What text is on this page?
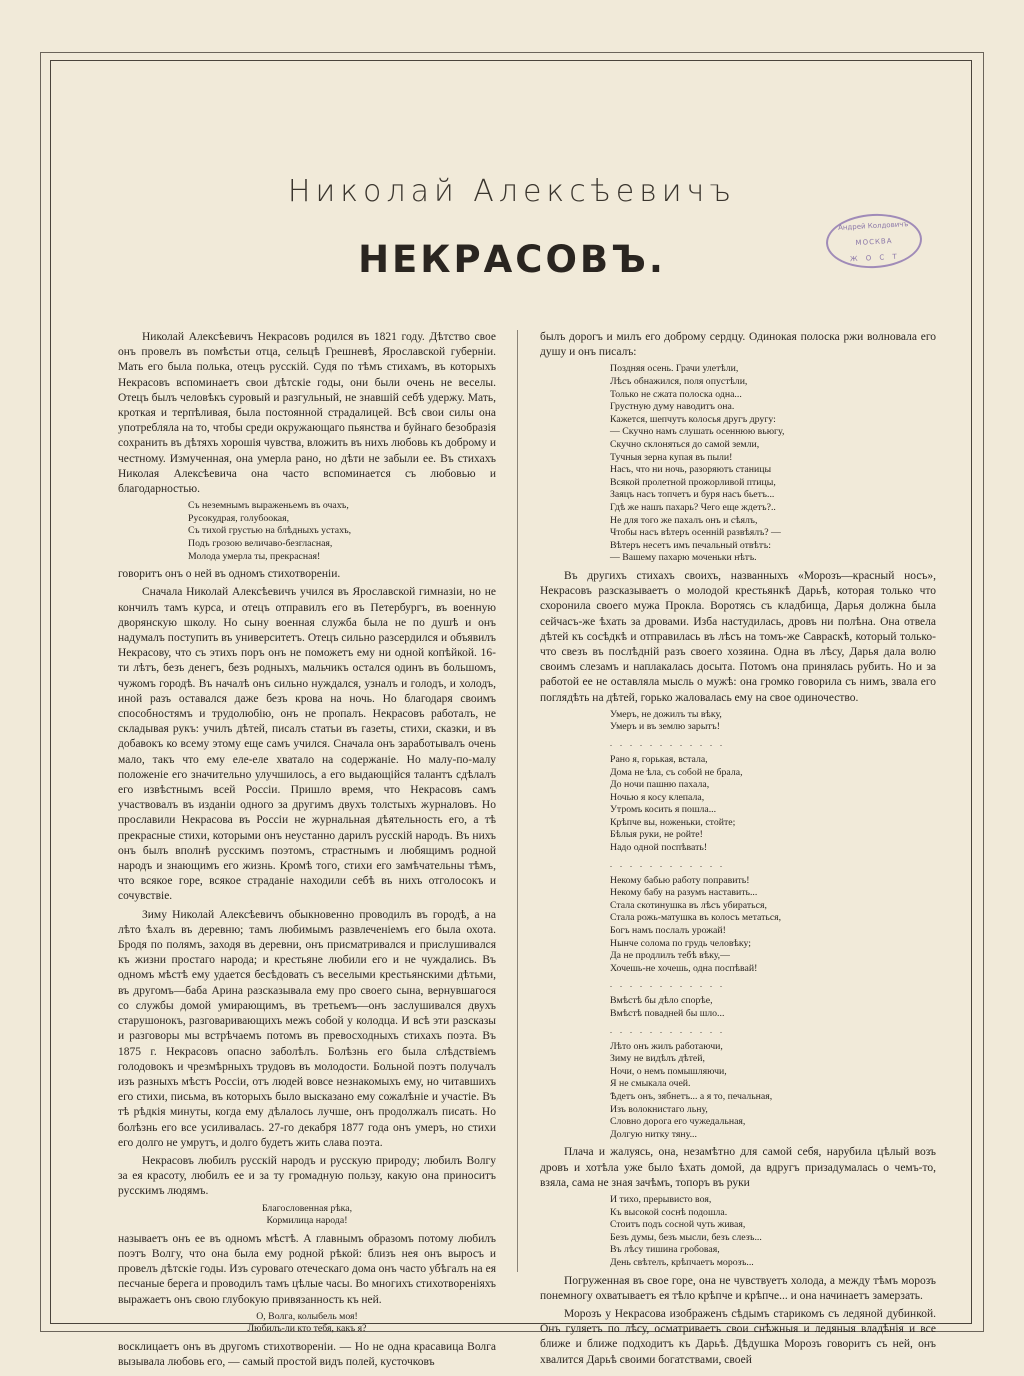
Николай Алексѣевичъ
НЕКРАСОВЪ.
Андрей Колдовичъ
МОСКВА
Ж О С Т

Николай Алексѣевичъ Некрасовъ родился въ 1821 году. Дѣтство свое онъ провелъ въ помѣстьи отца, сельцѣ Грешневѣ, Ярославской губерніи. Мать его была полька, отецъ русскій. Судя по тѣмъ стихамъ, въ которыхъ Некрасовъ вспоминаетъ свои дѣтскіе годы, они были очень не веселы. Отецъ былъ человѣкъ суровый и разгульный, не знавшій себѣ удержу. Мать, кроткая и терпѣливая, была постоянной страдалицей. Всѣ свои силы она употребляла на то, чтобы среди окружающаго пьянства и буйнаго безобразія сохранить въ дѣтяхъ хорошія чувства, вложить въ нихъ любовь къ доброму и честному. Измученная, она умерла рано, но дѣти не забыли ее. Въ стихахъ Николая Алексѣевича она часто вспоминается съ любовью и благодарностью.

Съ неземнымъ выраженьемъ въ очахъ,
Русокудрая, голубоокая,
Съ тихой грустью на блѣдныхъ устахъ,
Подъ грозою величаво-безгласная,
Молода умерла ты, прекрасная!

говоритъ онъ о ней въ одномъ стихотвореніи.

Сначала Николай Алексѣевичъ учился въ Ярославской гимназіи, но не кончилъ тамъ курса, и отецъ отправилъ его въ Петербургъ, въ военную дворянскую школу. Но сыну военная служба была не по душѣ и онъ надумалъ поступить въ университетъ. Отецъ сильно разсердился и объявилъ Некрасову, что съ этихъ поръ онъ не поможетъ ему ни одной копѣйкой. 16-ти лѣтъ, безъ денегъ, безъ родныхъ, мальчикъ остался одинъ въ большомъ, чужомъ городѣ. Въ началѣ онъ сильно нуждался, узналъ и голодъ, и холодъ, иной разъ оставался даже безъ крова на ночь. Но благодаря своимъ способностямъ и трудолюбію, онъ не пропалъ. Некрасовъ работалъ, не складывая рукъ: училъ дѣтей, писалъ статьи въ газеты, стихи, сказки, и въ добавокъ ко всему этому еще самъ учился. Сначала онъ заработывалъ очень мало, такъ что ему еле-еле хватало на содержаніе. Но малу-по-малу положеніе его значительно улучшилось, а его выдающійся талантъ сдѣлалъ его извѣстнымъ всей Россіи. Пришло время, что Некрасовъ самъ участвовалъ въ изданіи одного за другимъ двухъ толстыхъ журналовъ. Но прославили Некрасова въ Россіи не журнальная дѣятельность его, а тѣ прекрасные стихи, которыми онъ неустанно дарилъ русскій народъ. Въ нихъ онъ былъ вполнѣ русскимъ поэтомъ, страстнымъ и любящимъ родной народъ и знающимъ его жизнь. Кромѣ того, стихи его замѣчательны тѣмъ, что всякое горе, всякое страданіе находили себѣ въ нихъ отголосокъ и сочувствіе.

Зиму Николай Алексѣевичъ обыкновенно проводилъ въ городѣ, а на лѣто ѣхалъ въ деревню; тамъ любимымъ развлеченіемъ его была охота. Бродя по полямъ, заходя въ деревни, онъ присматривался и прислушивался къ жизни простаго народа; и крестьяне любили его и не чуждались. Въ одномъ мѣстѣ ему удается бесѣдовать съ веселыми крестьянскими дѣтьми, въ другомъ—баба Арина разсказывала ему про своего сына, вернувшагося со службы домой умирающимъ, въ третьемъ—онъ заслушивался двухъ старушонокъ, разговаривающихъ межъ собой у колодца. И всѣ эти разсказы и разговоры мы встрѣчаемъ потомъ въ превосходныхъ стихахъ поэта. Въ 1875 г. Некрасовъ опасно заболѣлъ. Болѣзнь его была слѣдствіемъ голодовокъ и чрезмѣрныхъ трудовъ въ молодости. Больной поэтъ получалъ изъ разныхъ мѣстъ Россіи, отъ людей вовсе незнакомыхъ ему, но читавшихъ его стихи, письма, въ которыхъ было высказано ему сожалѣніе и участіе. Въ тѣ рѣдкія минуты, когда ему дѣлалось лучше, онъ продолжалъ писать. Но болѣзнь его все усиливалась. 27-го декабря 1877 года онъ умеръ, но стихи его долго не умрутъ, и долго будетъ жить слава поэта.

Некрасовъ любилъ русскій народъ и русскую природу; любилъ Волгу за ея красоту, любилъ ее и за ту громадную пользу, какую она приноситъ русскимъ людямъ.

Благословенная рѣка,
Кормилица народа!

называетъ онъ ее въ одномъ мѣстѣ. А главнымъ образомъ потому любилъ поэтъ Волгу, что она была ему родной рѣкой: близъ нея онъ выросъ и провелъ дѣтскіе годы. Изъ суроваго отеческаго дома онъ часто убѣгалъ на ея песчаные берега и проводилъ тамъ цѣлые часы. Во многихъ стихотвореніяхъ выражаетъ онъ свою глубокую привязанность къ ней.

О, Волга, колыбель моя!
Любилъ-ли кто тебя, какъ я?

восклицаетъ онъ въ другомъ стихотвореніи. — Но не одна красавица Волга вызывала любовь его, — самый простой видъ полей, кусточковъ

былъ дорогъ и милъ его доброму сердцу. Одинокая полоска ржи волновала его душу и онъ писалъ:

Поздняя осень. Грачи улетѣли,
Лѣсъ обнажился, поля опустѣли,
Только не сжата полоска одна...
Грустную думу наводитъ она.
Кажется, шепчутъ колосья другъ другу:
— Скучно намъ слушать осеннюю вьюгу,
Скучно склоняться до самой земли,
Тучныя зерна купая въ пыли!
Насъ, что ни ночь, разоряютъ станицы
Всякой пролетной прожорливой птицы,
Заяцъ насъ топчетъ и буря насъ бьетъ...
Гдѣ же нашъ пахарь? Чего еще ждетъ?..
Не для того же пахалъ онъ и сѣялъ,
Чтобы насъ вѣтеръ осенній развѣялъ? —
Вѣтеръ несетъ имъ печальный отвѣтъ:
— Вашему пахарю моченьки нѣтъ.

Въ другихъ стихахъ своихъ, названныхъ «Морозъ—красный носъ», Некрасовъ разсказываетъ о молодой крестьянкѣ Дарьѣ, которая только что схоронила своего мужа Прокла. Воротясь съ кладбища, Дарья должна была сейчасъ-же ѣхать за дровами. Изба настудилась, дровъ ни полѣна. Она отвела дѣтей къ сосѣдкѣ и отправилась въ лѣсъ на томъ-же Савраскѣ, который только-что свезъ въ послѣдній разъ своего хозяина. Одна въ лѣсу, Дарья дала волю своимъ слезамъ и наплакалась досыта. Потомъ она принялась рубить. Но и за работой ее не оставляла мысль о мужѣ: она громко говорила съ нимъ, звала его поглядѣть на дѣтей, горько жаловалась ему на свое одиночество.

Умеръ, не дожилъ ты вѣку,
Умеръ и въ землю зарытъ!
. . . . . . . . . . . .
Рано я, горькая, встала,
Дома не ѣла, съ собой не брала,
До ночи пашню пахала,
Ночью я косу клепала,
Утромъ косить я пошла...
Крѣпче вы, ноженьки, стойте;
Бѣлыя руки, не ройте!
Надо одной поспѣвать!
. . . . . . . . . . . .
Некому бабью работу поправить!
Некому бабу на разумъ наставить...
Стала скотинушка въ лѣсъ убираться,
Стала рожь-матушка въ колосъ метаться,
Богъ намъ послалъ урожай!
Нынче солома по грудь человѣку;
Да не продлилъ тебѣ вѣку,—
Хочешь-не хочешь, одна поспѣвай!
. . . . . . . . . . . .
Вмѣстѣ бы дѣло спорѣе,
Вмѣстѣ повадней бы шло...
. . . . . . . . . . . .
Лѣто онъ жилъ работаючи,
Зиму не видѣлъ дѣтей,
Ночи, о немъ помышляючи,
Я не смыкала очей.
Ѣдетъ онъ, зябнетъ... а я то, печальная,
Изъ волокнистаго льну,
Словно дорога его чужедальная,
Долгую нитку тяну...

Плача и жалуясь, она, незамѣтно для самой себя, нарубила цѣлый возъ дровъ и хотѣла уже было ѣхать домой, да вдругъ призадумалась о чемъ-то, взяла, сама не зная зачѣмъ, топоръ въ руки

И тихо, прерывисто воя,
Къ высокой соснѣ подошла.
Стоитъ подъ сосной чуть живая,
Безъ думы, безъ мысли, безъ слезъ...
Въ лѣсу тишина гробовая,
День свѣтелъ, крѣпчаетъ морозъ...

Погруженная въ свое горе, она не чувствуетъ холода, а между тѣмъ морозъ понемногу охватываетъ ея тѣло крѣпче и крѣпче... и она начинаетъ замерзать.

Морозъ у Некрасова изображенъ сѣдымъ старикомъ съ ледяной дубинкой. Онъ гуляетъ по лѣсу, осматриваетъ свои снѣжныя и ледяныя владѣнія и все ближе и ближе подходитъ къ Дарьѣ. Дѣдушка Морозъ говоритъ съ ней, онъ хвалится Дарьѣ своими богатствами, своей
